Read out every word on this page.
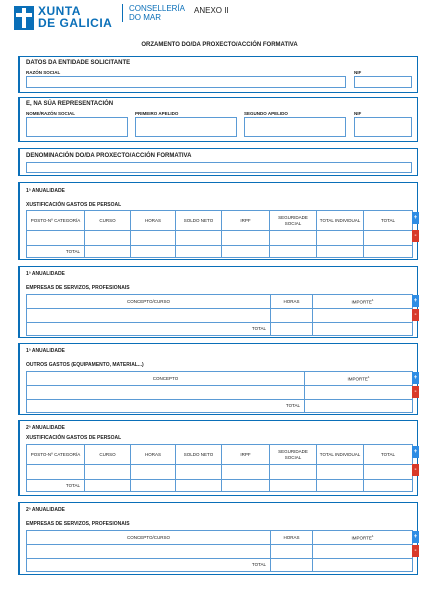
XUNTA
DE GALICIA
CONSELLERÍA
DO MAR
ANEXO II
ORZAMENTO DO/DA PROXECTO/ACCIÓN FORMATIVA
DATOS DA ENTIDADE SOLICITANTE
RAZÓN SOCIAL	NIF
E, NA SÚA REPRESENTACIÓN
NOME/RAZÓN SOCIAL	PRIMEIRO APELIDO	SEGUNDO APELIDO	NIF
DENOMINACIÓN DO/DA PROXECTO/ACCIÓN FORMATIVA
1ª ANUALIDADE
XUSTIFICACIÓN GASTOS DE PERSOAL
POSTO-Nº CATEGORÍA	CURSO	HORAS	SOLDO NETO	IRPF	SEGURIDADE SOCIAL	TOTAL INDIVIDUAL	TOTAL

TOTAL							
+
-
1ª ANUALIDADE
EMPRESAS DE SERVIZOS, PROFESIONAIS
CONCEPTO/CURSO	HORAS	IMPORTE$^1$

TOTAL		
+
-
1ª ANUALIDADE
OUTROS GASTOS (EQUIPAMENTO, MATERIAL...)
CONCEPTO	IMPORTE$^1$

TOTAL	
+
-
2ª ANUALIDADE
XUSTIFICACIÓN GASTOS DE PERSOAL
POSTO-Nº CATEGORÍA	CURSO	HORAS	SOLDO NETO	IRPF	SEGURIDADE SOCIAL	TOTAL INDIVIDUAL	TOTAL

TOTAL							
+
-
2ª ANUALIDADE
EMPRESAS DE SERVIZOS, PROFESIONAIS
CONCEPTO/CURSO	HORAS	IMPORTE$^1$

TOTAL		
+
-
